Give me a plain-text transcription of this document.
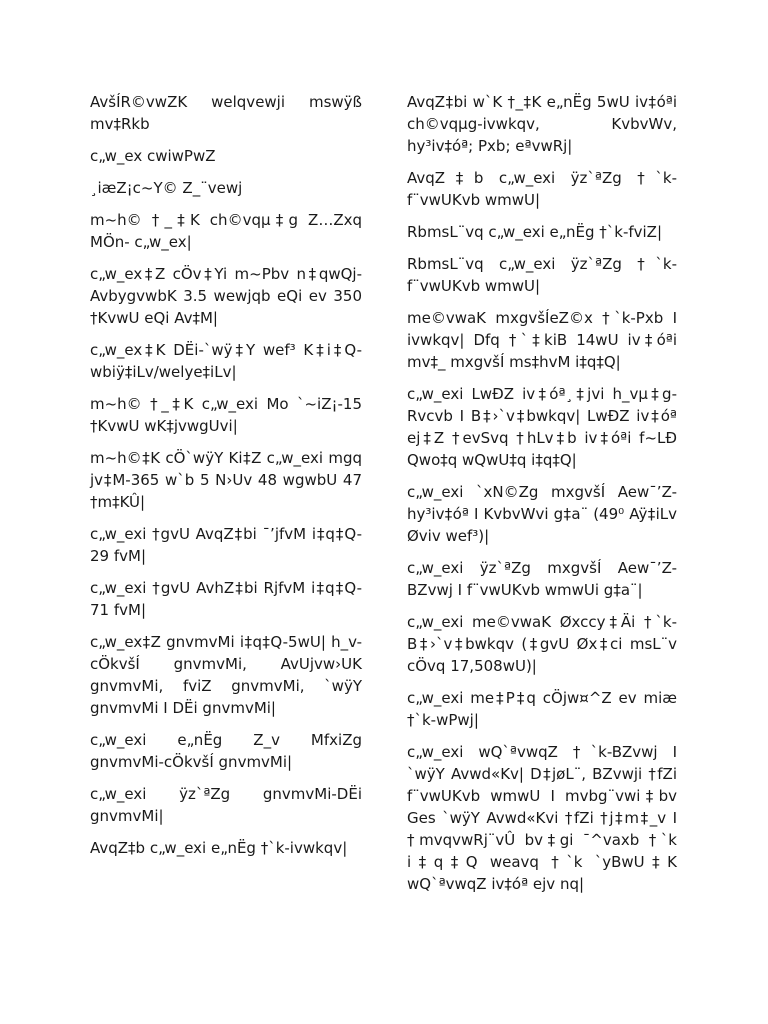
AvšÍR©vwZK welqvewji mswÿß mv‡Rkb

c„w_ex cwiwPwZ

¸iæZ¡c~Y© Z_¨vewj

m~h© †_‡K ch©vqµ‡g Z…Zxq MÖn- c„w_ex|

c„w_ex‡Z cÖv‡Yi m~Pbv n‡qwQj- AvbygvwbK 3.5 wewjqb eQi ev 350 †KvwU eQi Av‡M|

c„w_ex‡K DËi-`wÿ‡Y wef³ K‡i‡Q-wbiÿ‡iLv/welye‡iLv|

m~h© †_‡K c„w_exi Mo `~iZ¡-15 †KvwU wK‡jvwgUvi|

m~h©‡K cÖ`wÿY Ki‡Z c„w_exi mgq jv‡M-365 w`b 5 N›Uv 48 wgwbU 47 †m‡KÛ|

c„w_exi †gvU AvqZ‡bi ¯’jfvM i‡q‡Q-29 fvM|

c„w_exi †gvU AvhZ‡bi RjfvM i‡q‡Q-71 fvM|

c„w_ex‡Z gnvmvMi i‡q‡Q-5wU| h_v- cÖkvšÍ gnvmvMi, AvUjvw›UK gnvmvMi, fviZ gnvmvMi, `wÿY gnvmvMi I DËi gnvmvMi|

c„w_exi e„nËg Z_v MfxiZg gnvmvMi-cÖkvšÍ gnvmvMi|

c„w_exi ÿz`ªZg gnvmvMi-DËi gnvmvMi|

AvqZ‡b c„w_exi e„nËg †`k-ivwkqv|

AvqZ‡bi w`K †_‡K e„nËg 5wU iv‡óªi ch©vqµg-ivwkqv, KvbvWv, hy³iv‡óª; Pxb; eªvwRj|

AvqZ‡b c„w_exi ÿz`ªZg †`k-f¨vwUKvb wmwU|

RbmsL¨vq c„w_exi e„nËg †`k-fviZ|

RbmsL¨vq c„w_exi ÿz`ªZg †`k-f¨vwUKvb wmwU|

me©vwaK mxgvšÍeZ©x †`k-Pxb I ivwkqv| Dfq †`‡kiB 14wU iv‡óªi mv‡_ mxgvšÍ ms‡hvM i‡q‡Q|

c„w_exi LwÐZ iv‡óª¸‡jvi h_vµ‡g- Rvcvb I B‡›`v‡bwkqv| LwÐZ iv‡óª ej‡Z †evSvq †hLv‡b iv‡óªi f~LÐ Qwo‡q wQwU‡q i‡q‡Q|

c„w_exi `xN©Zg mxgvšÍ Aew¯’Z-hy³iv‡óª I KvbvWvi g‡a¨ (49⁰ Aÿ‡iLv Øviv wef³)|

c„w_exi ÿz`ªZg mxgvšÍ Aew¯’Z-BZvwj I f¨vwUKvb wmwUi g‡a¨|

c„w_exi me©vwaK Øxccy‡Äi †`k-B‡›`v‡bwkqv (‡gvU Øx‡ci msL¨v cÖvq 17,508wU)|

c„w_exi me‡P‡q cÖjw¤^Z ev miæ †`k-wPwj|

c„w_exi wQ`ªvwqZ †`k-BZvwj I `wÿY Avwd«Kv| D‡jøL¨, BZvwji †fZi f¨vwUKvb wmwU I mvbg¨vwi‡bv Ges `wÿY Avwd«Kvi †fZi †j‡m‡_v I †mvqvwRj¨vÛ bv‡gi ¯^vaxb †`k i‡q‡Q weavq †`k `yBwU‡K wQ`ªvwqZ iv‡óª ejv nq|
